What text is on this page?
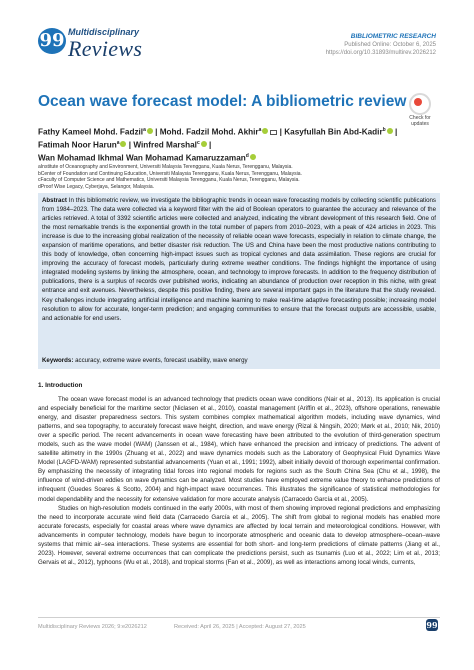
99 Multidisciplinary
Reviews	BIBLIOMETRIC RESEARCH
Published Online: October 6, 2025
https://doi.org/10.31893/multirev.2026212
Ocean wave forecast model: A bibliometric review
Check for
updates
Fathy Kameel Mohd. Fadzil$^a$ | Mohd. Fadzil Mohd. Akhir$^a$ | Kasyfullah Bin Abd-Kadir$^b$ |
Fatimah Noor Harun$^a$ | Winfred Marshal$^c$ |
Wan Mohamad Ikhmal Wan Mohamad Kamaruzzaman$^d$
aInstitute of Oceanography and Environment, Universiti Malaysia Terengganu, Kuala Nerus, Terengganu, Malaysia.
bCenter of Foundation and Continuing Education, Universiti Malaysia Terengganu, Kuala Nerus, Terengganu, Malaysia.
cFaculty of Computer Science and Mathematics, Universiti Malaysia Terengganu, Kuala Nerus, Terengganu, Malaysia.
dProof Wise Legacy, Cyberjaya, Selangor, Malaysia.
Abstract In this bibliometric review, we investigate the bibliographic trends in ocean wave forecasting models by collecting scientific publications from 1984–2023. The data were collected via a keyword filter with the aid of Boolean operators to guarantee the accuracy and relevance of the articles retrieved. A total of 3392 scientific articles were collected and analyzed, indicating the vibrant development of this research field. One of the most remarkable trends is the exponential growth in the total number of papers from 2010–2023, with a peak of 424 articles in 2023. This increase is due to the increasing global realization of the necessity of reliable ocean wave forecasts, especially in relation to climate change, the expansion of maritime operations, and better disaster risk reduction. The US and China have been the most productive nations contributing to this body of knowledge, often concerning high-impact issues such as tropical cyclones and data assimilation. These regions are crucial for improving the accuracy of forecast models, particularly during extreme weather conditions. The findings highlight the importance of using integrated modeling systems by linking the atmosphere, ocean, and technology to improve forecasts. In addition to the frequency distribution of publications, there is a surplus of records over published works, indicating an abundance of production over reception in this niche, with great entrance and exit avenues. Nevertheless, despite this positive finding, there are several important gaps in the literature that the study revealed. Key challenges include integrating artificial intelligence and machine learning to make real-time adaptive forecasting possible; increasing model resolution to allow for accurate, longer-term prediction; and engaging communities to ensure that the forecast outputs are accessible, usable, and actionable for end users.
Keywords: accuracy, extreme wave events, forecast usability, wave energy
1. Introduction

The ocean wave forecast model is an advanced technology that predicts ocean wave conditions (Nair et al., 2013). Its application is crucial and especially beneficial for the maritime sector (Niclasen et al., 2010), coastal management (Ariffin et al., 2023), offshore operations, renewable energy, and disaster preparedness sectors. This system combines complex mathematical algorithm models, including wave dynamics, wind patterns, and sea topography, to accurately forecast wave height, direction, and wave energy (Rizal & Ningsih, 2020; Mørk et al., 2010; Nik, 2010) over a specific period. The recent advancements in ocean wave forecasting have been attributed to the evolution of third-generation spectrum models, such as the wave model (WAM) (Janssen et al., 1984), which have enhanced the precision and intricacy of predictions. The advent of satellite altimetry in the 1990s (Zhuang et al., 2022) and wave dynamics models such as the Laboratory of Geophysical Fluid Dynamics Wave Model (LAGFD-WAM) represented substantial advancements (Yuan et al., 1991; 1992), albeit initially devoid of thorough experimental confirmation. By emphasizing the necessity of integrating tidal forces into regional models for regions such as the South China Sea (Chu et al., 1998), the influence of wind-driven eddies on wave dynamics can be analyzed. Most studies have employed extreme value theory to enhance predictions of infrequent (Guedes Soares & Scotto, 2004) and high-impact wave occurrences. This illustrates the significance of statistical methodologies for model dependability and the necessity for extensive validation for more accurate analysis (Carracedo García et al., 2005).

Studies on high-resolution models continued in the early 2000s, with most of them showing improved regional predictions and emphasizing the need to incorporate accurate wind field data (Carracedo García et al., 2005). The shift from global to regional models has enabled more accurate forecasts, especially for coastal areas where wave dynamics are affected by local terrain and meteorological conditions. However, with advancements in computer technology, models have begun to incorporate atmospheric and oceanic data to develop atmosphere–ocean–wave systems that mimic air–sea interactions. These systems are essential for both short- and long-term predictions of climate patterns (Jiang et al., 2023). However, several extreme occurrences that can complicate the predictions persist, such as tsunamis (Luo et al., 2022; Lim et al., 2013; Gervais et al., 2012), typhoons (Wu et al., 2018), and tropical storms (Fan et al., 2009), as well as interactions among local winds, currents,

Multidisciplinary Reviews 2026; 9:e2026212	Received: April 26, 2025 | Accepted: August 27, 2025	99
